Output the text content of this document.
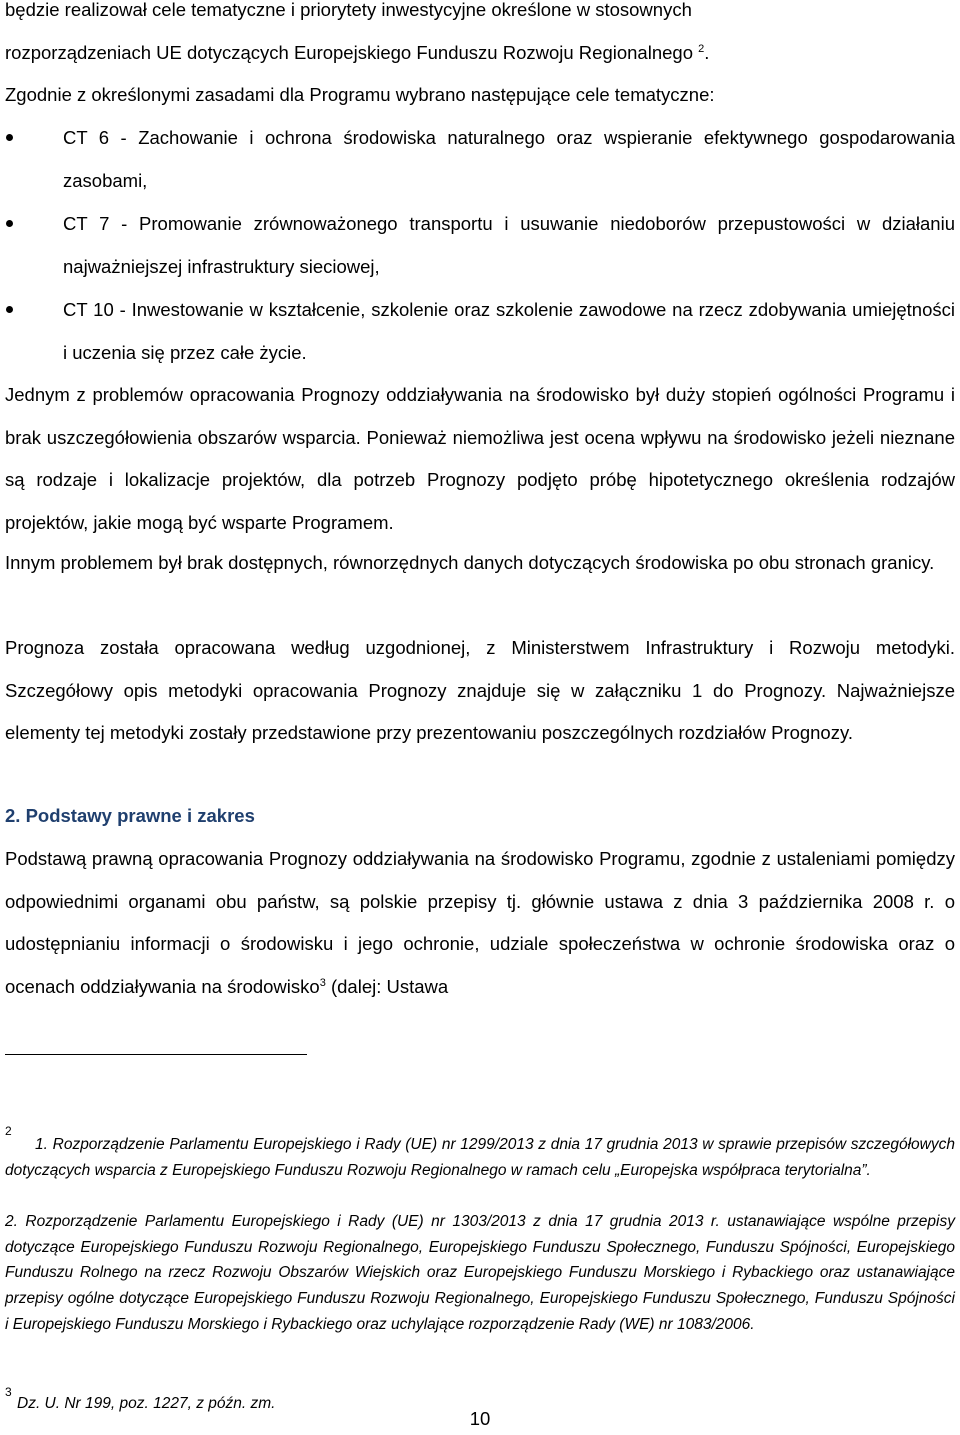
będzie realizował cele tematyczne i priorytety inwestycyjne określone w stosownych
rozporządzeniach UE dotyczących Europejskiego Funduszu Rozwoju Regionalnego $^2$.
Zgodnie z określonymi zasadami dla Programu wybrano następujące cele tematyczne:
CT 6 - Zachowanie i ochrona środowiska naturalnego oraz wspieranie efektywnego gospodarowania zasobami,
CT 7 - Promowanie zrównoważonego transportu i usuwanie niedoborów przepustowości w działaniu najważniejszej infrastruktury sieciowej,
CT 10 - Inwestowanie w kształcenie, szkolenie oraz szkolenie zawodowe na rzecz zdobywania umiejętności i uczenia się przez całe życie.
Jednym z problemów opracowania Prognozy oddziaływania na środowisko był duży stopień ogólności Programu i brak uszczegółowienia obszarów wsparcia. Ponieważ niemożliwa jest ocena wpływu na środowisko jeżeli nieznane są rodzaje i lokalizacje projektów, dla potrzeb Prognozy podjęto próbę hipotetycznego określenia rodzajów projektów, jakie mogą być wsparte Programem.
Innym problemem był brak dostępnych, równorzędnych danych dotyczących środowiska po obu stronach granicy.
Prognoza została opracowana według uzgodnionej, z Ministerstwem Infrastruktury i Rozwoju metodyki. Szczegółowy opis metodyki opracowania Prognozy znajduje się w załączniku 1 do Prognozy. Najważniejsze elementy tej metodyki zostały przedstawione przy prezentowaniu poszczególnych rozdziałów Prognozy.
2. Podstawy prawne i zakres
Podstawą prawną opracowania Prognozy oddziaływania na środowisko Programu, zgodnie z ustaleniami pomiędzy odpowiednimi organami obu państw, są polskie przepisy tj. głównie ustawa z dnia 3 października 2008 r. o udostępnianiu informacji o środowisku i jego ochronie, udziale społeczeństwa w ochronie środowiska oraz o ocenach oddziaływania na środowisko$^3$ (dalej: Ustawa
2
1. Rozporządzenie Parlamentu Europejskiego i Rady (UE) nr 1299/2013 z dnia 17 grudnia 2013 w sprawie przepisów szczegółowych dotyczących wsparcia z Europejskiego Funduszu Rozwoju Regionalnego w ramach celu „Europejska współpraca terytorialna”.
2. Rozporządzenie Parlamentu Europejskiego i Rady (UE) nr 1303/2013 z dnia 17 grudnia 2013 r. ustanawiające wspólne przepisy dotyczące Europejskiego Funduszu Rozwoju Regionalnego, Europejskiego Funduszu Społecznego, Funduszu Spójności, Europejskiego Funduszu Rolnego na rzecz Rozwoju Obszarów Wiejskich oraz Europejskiego Funduszu Morskiego i Rybackiego oraz ustanawiające przepisy ogólne dotyczące Europejskiego Funduszu Rozwoju Regionalnego, Europejskiego Funduszu Społecznego, Funduszu Spójności i Europejskiego Funduszu Morskiego i Rybackiego oraz uchylające rozporządzenie Rady (WE) nr 1083/2006.
3
Dz. U. Nr 199, poz. 1227, z późn. zm.
10
